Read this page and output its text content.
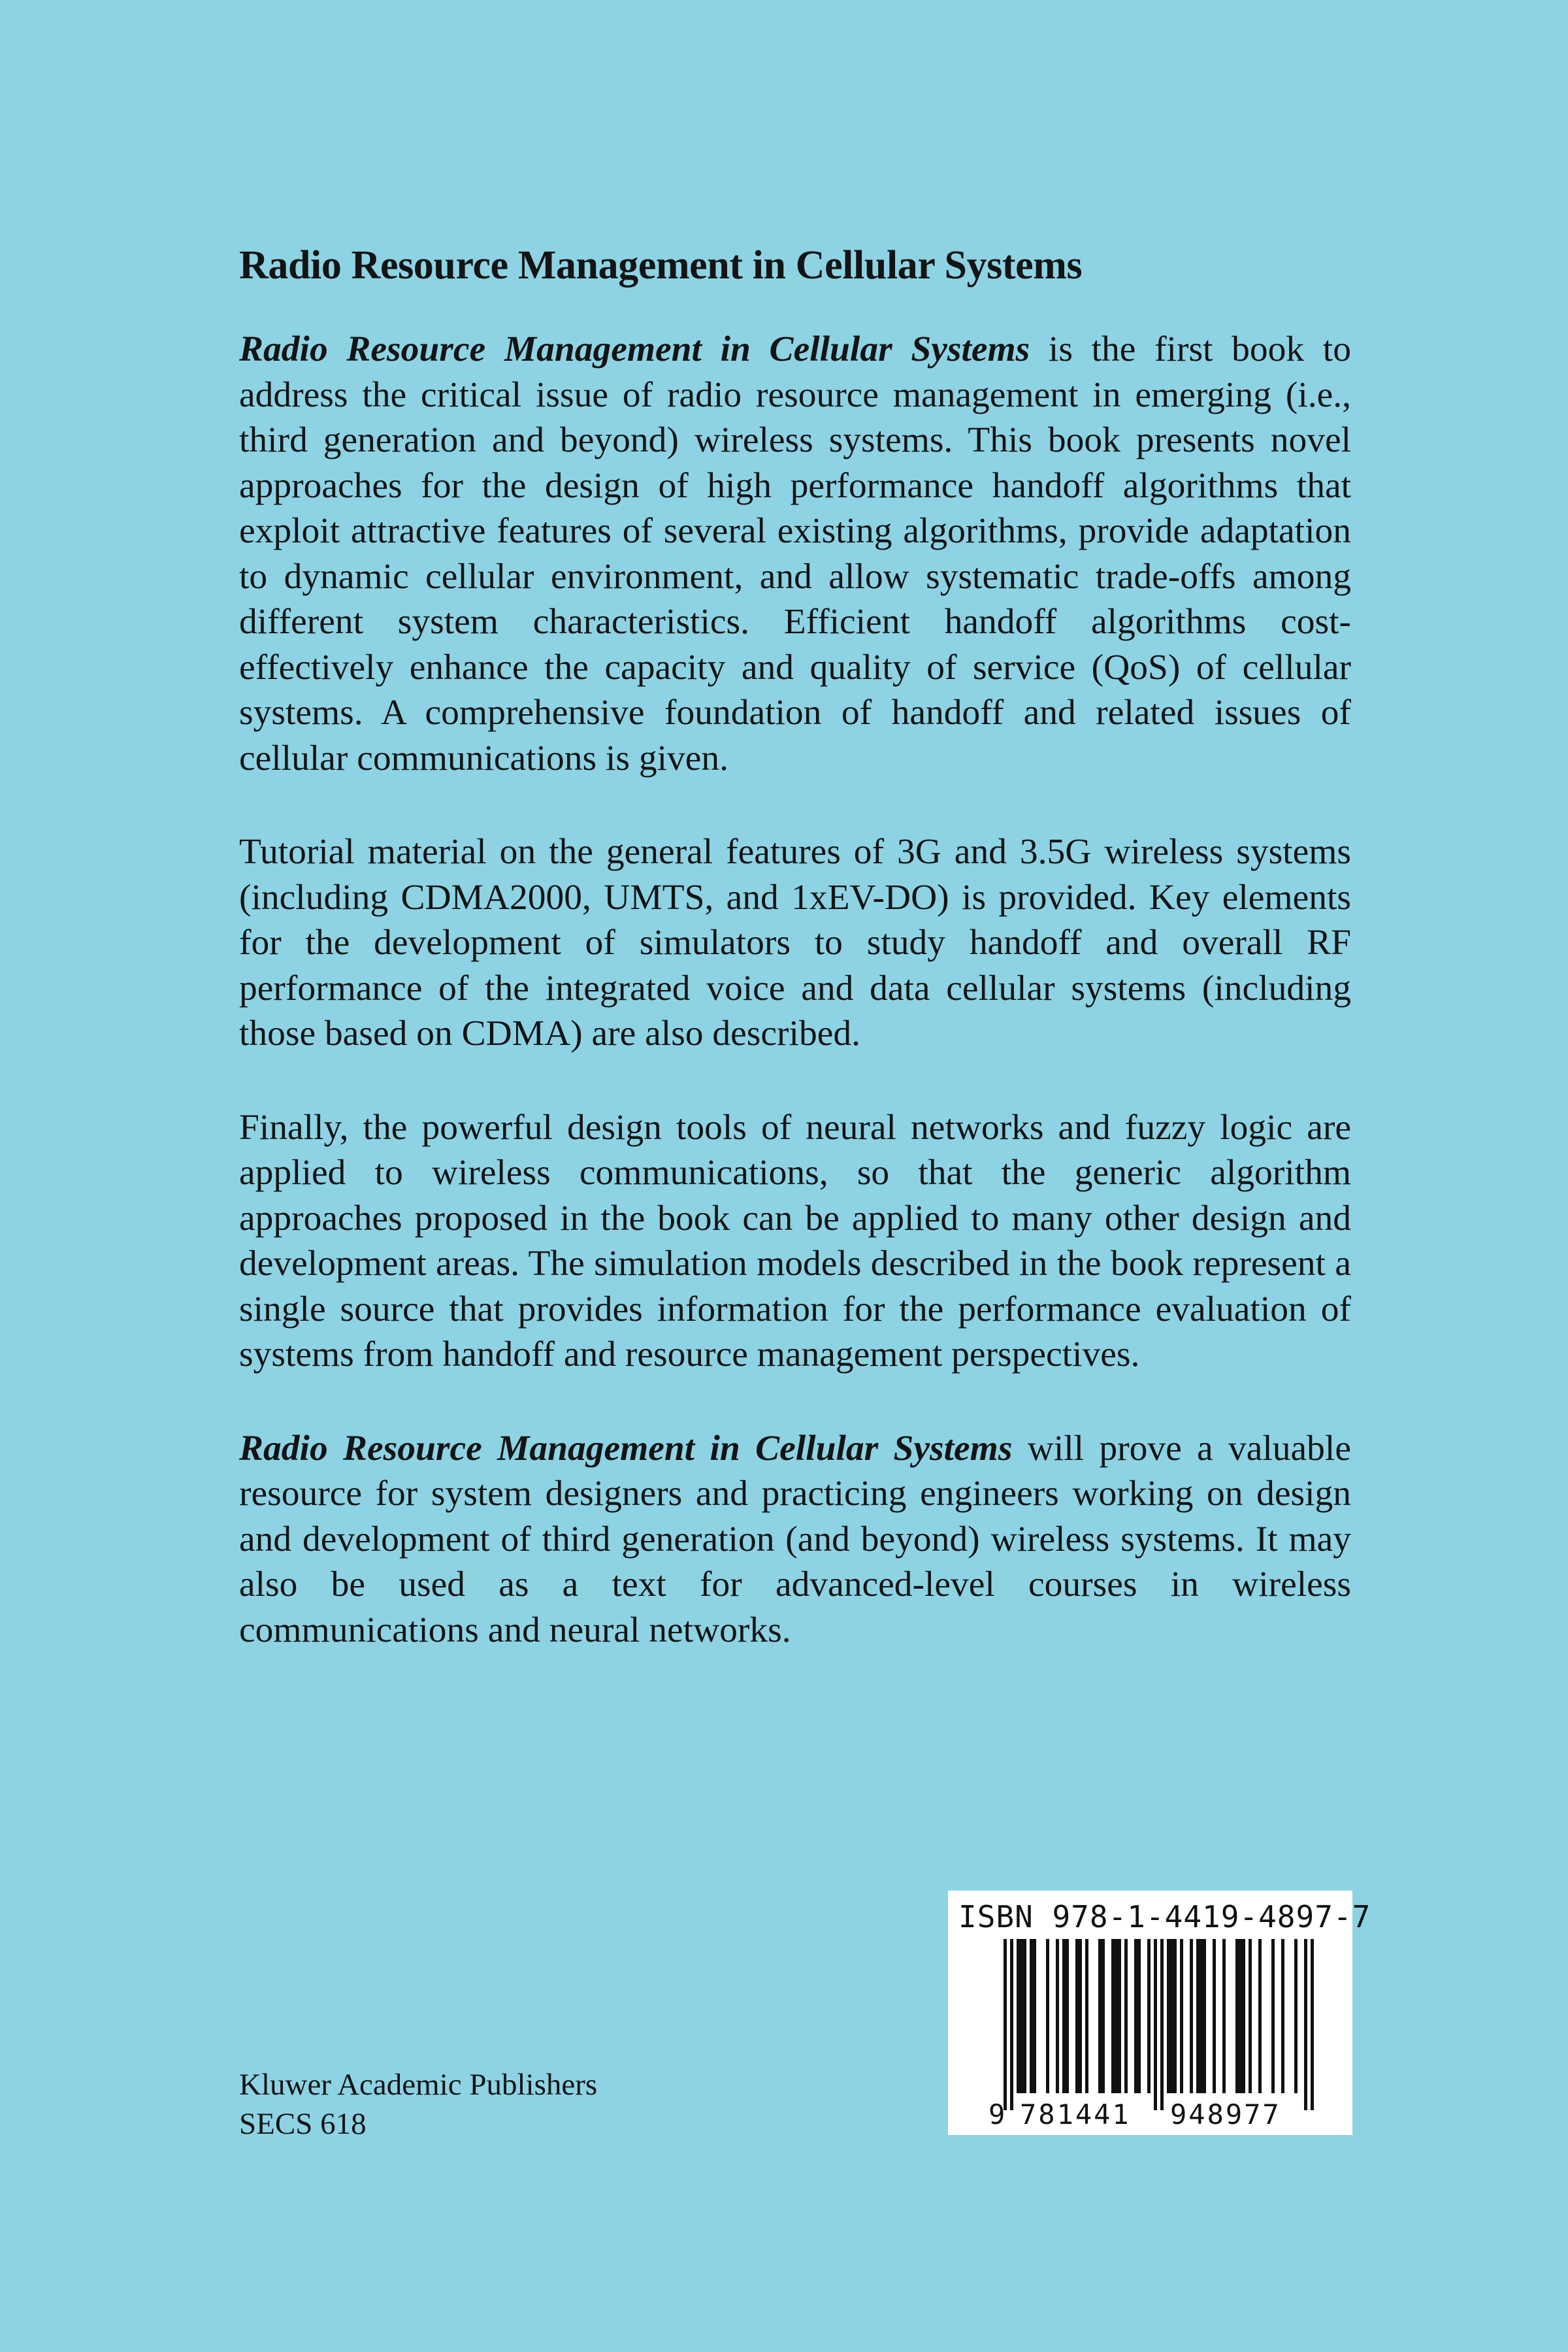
Radio Resource Management in Cellular Systems

Radio Resource Management in Cellular Systems is the first book to address the critical issue of radio resource management in emerging (i.e., third generation and beyond) wireless systems. This book presents novel approaches for the design of high performance handoff algorithms that exploit attractive features of several existing algorithms, provide adaptation to dynamic cellular environment, and allow systematic trade-offs among different system characteristics. Efficient handoff algorithms cost-effectively enhance the capacity and quality of service (QoS) of cellular systems. A comprehensive foundation of handoff and related issues of cellular communications is given.

Tutorial material on the general features of 3G and 3.5G wireless systems (including CDMA2000, UMTS, and 1xEV-DO) is provided. Key elements for the development of simulators to study handoff and overall RF performance of the integrated voice and data cellular systems (including those based on CDMA) are also described.

Finally, the powerful design tools of neural networks and fuzzy logic are applied to wireless communications, so that the generic algorithm approaches proposed in the book can be applied to many other design and development areas. The simulation models described in the book represent a single source that provides information for the performance evaluation of systems from handoff and resource management perspectives.

Radio Resource Management in Cellular Systems will prove a valuable resource for system designers and practicing engineers working on design and development of third generation (and beyond) wireless systems. It may also be used as a text for advanced-level courses in wireless communications and neural networks.

Kluwer Academic Publishers
SECS 618
ISBN 978-1-4419-4897-7
9 781441 948977
